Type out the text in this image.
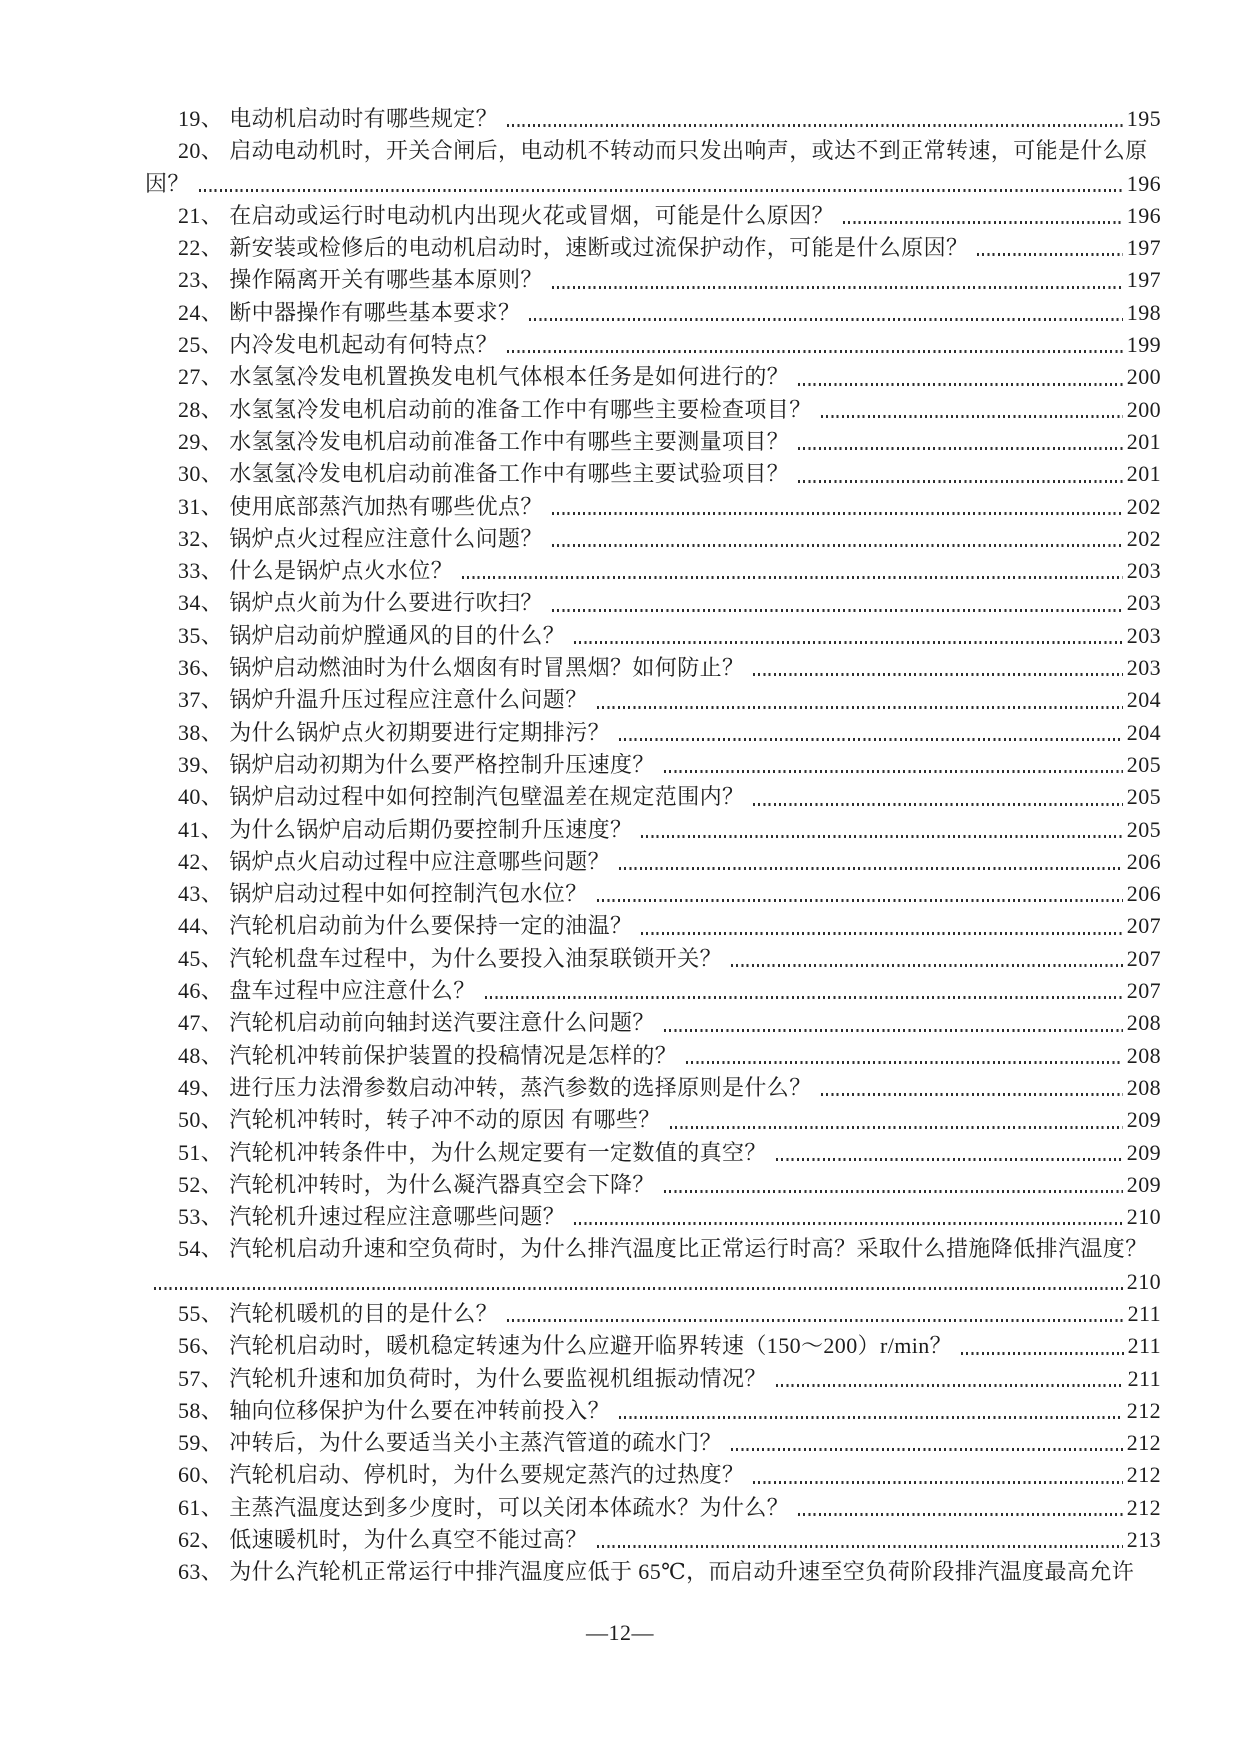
19、 电动机启动时有哪些规定？	195
20、 启动电动机时，开关合闸后，电动机不转动而只发出响声，或达不到正常转速，可能是什么原
因？	196
21、 在启动或运行时电动机内出现火花或冒烟，可能是什么原因？	196
22、 新安装或检修后的电动机启动时，速断或过流保护动作，可能是什么原因？	197
23、 操作隔离开关有哪些基本原则？	197
24、 断中器操作有哪些基本要求？	198
25、 内冷发电机起动有何特点？	199
27、 水氢氢冷发电机置换发电机气体根本任务是如何进行的？	200
28、 水氢氢冷发电机启动前的准备工作中有哪些主要检查项目？	200
29、 水氢氢冷发电机启动前准备工作中有哪些主要测量项目？	201
30、 水氢氢冷发电机启动前准备工作中有哪些主要试验项目？	201
31、 使用底部蒸汽加热有哪些优点？	202
32、 锅炉点火过程应注意什么问题？	202
33、 什么是锅炉点火水位？	203
34、 锅炉点火前为什么要进行吹扫？	203
35、 锅炉启动前炉膛通风的目的什么？	203
36、 锅炉启动燃油时为什么烟囱有时冒黑烟？如何防止？	203
37、 锅炉升温升压过程应注意什么问题？	204
38、 为什么锅炉点火初期要进行定期排污？	204
39、 锅炉启动初期为什么要严格控制升压速度？	205
40、 锅炉启动过程中如何控制汽包壁温差在规定范围内？	205
41、 为什么锅炉启动后期仍要控制升压速度？	205
42、 锅炉点火启动过程中应注意哪些问题？	206
43、 锅炉启动过程中如何控制汽包水位？	206
44、 汽轮机启动前为什么要保持一定的油温？	207
45、 汽轮机盘车过程中，为什么要投入油泵联锁开关？	207
46、 盘车过程中应注意什么？	207
47、 汽轮机启动前向轴封送汽要注意什么问题？	208
48、 汽轮机冲转前保护装置的投稿情况是怎样的？	208
49、 进行压力法滑参数启动冲转，蒸汽参数的选择原则是什么？	208
50、 汽轮机冲转时，转子冲不动的原因 有哪些？	209
51、 汽轮机冲转条件中，为什么规定要有一定数值的真空？	209
52、 汽轮机冲转时，为什么凝汽器真空会下降？	209
53、 汽轮机升速过程应注意哪些问题？	210
54、 汽轮机启动升速和空负荷时，为什么排汽温度比正常运行时高？采取什么措施降低排汽温度？
210
55、 汽轮机暖机的目的是什么？	211
56、 汽轮机启动时，暖机稳定转速为什么应避开临界转速（150～200）r/min？	211
57、 汽轮机升速和加负荷时，为什么要监视机组振动情况？	211
58、 轴向位移保护为什么要在冲转前投入？	212
59、 冲转后，为什么要适当关小主蒸汽管道的疏水门？	212
60、 汽轮机启动、停机时，为什么要规定蒸汽的过热度？	212
61、 主蒸汽温度达到多少度时，可以关闭本体疏水？为什么？	212
62、 低速暖机时，为什么真空不能过高？	213
63、 为什么汽轮机正常运行中排汽温度应低于 65℃，而启动升速至空负荷阶段排汽温度最高允许
—12—
